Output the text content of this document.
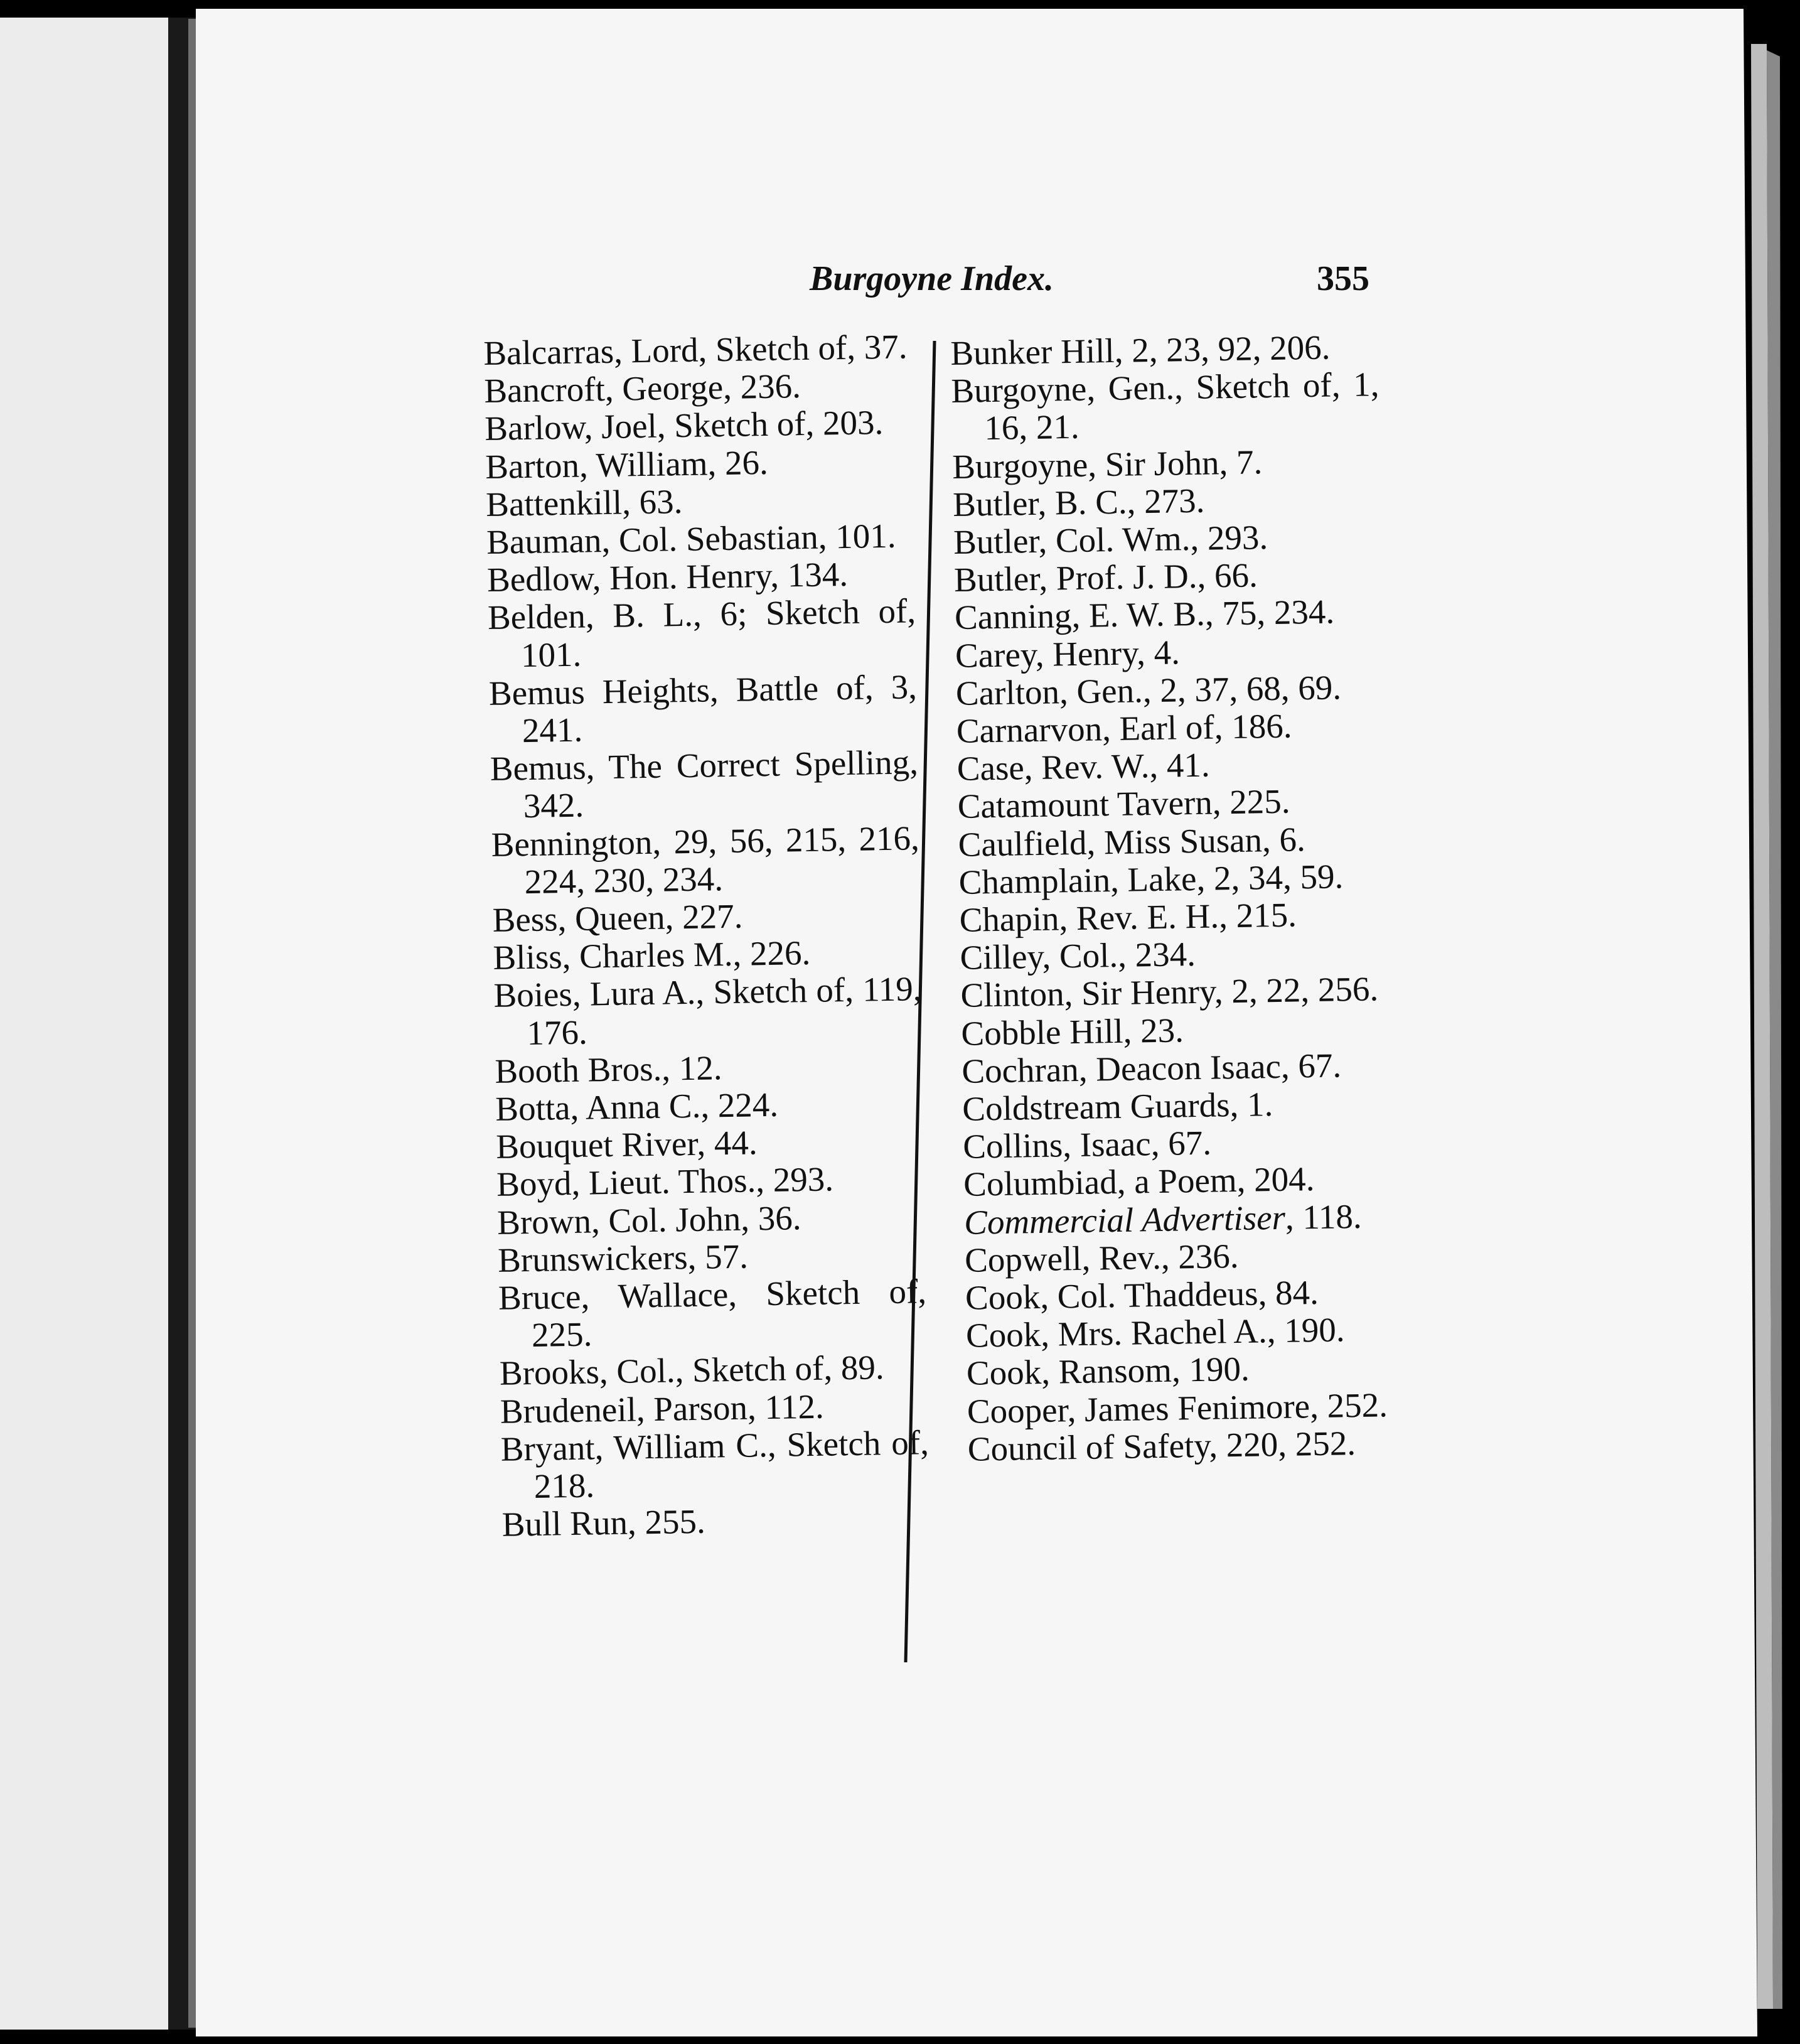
Burgoyne Index.	355

Balcarras, Lord, Sketch of, 37.

Bancroft, George, 236.

Barlow, Joel, Sketch of, 203.

Barton, William, 26.

Battenkill, 63.

Bauman, Col. Sebastian, 101.

Bedlow, Hon. Henry, 134.

Belden, B. L., 6; Sketch of, 101.

Bemus Heights, Battle of, 3, 241.

Bemus, The Correct Spelling, 342.

Bennington, 29, 56, 215, 216, 224, 230, 234.

Bess, Queen, 227.

Bliss, Charles M., 226.

Boies, Lura A., Sketch of, 119, 176.

Booth Bros., 12.

Botta, Anna C., 224.

Bouquet River, 44.

Boyd, Lieut. Thos., 293.

Brown, Col. John, 36.

Brunswickers, 57.

Bruce, Wallace, Sketch of, 225.

Brooks, Col., Sketch of, 89.

Brudeneil, Parson, 112.

Bryant, William C., Sketch of, 218.

Bull Run, 255.

Bunker Hill, 2, 23, 92, 206.

Burgoyne, Gen., Sketch of, 1, 16, 21.

Burgoyne, Sir John, 7.

Butler, B. C., 273.

Butler, Col. Wm., 293.

Butler, Prof. J. D., 66.

Canning, E. W. B., 75, 234.

Carey, Henry, 4.

Carlton, Gen., 2, 37, 68, 69.

Carnarvon, Earl of, 186.

Case, Rev. W., 41.

Catamount Tavern, 225.

Caulfield, Miss Susan, 6.

Champlain, Lake, 2, 34, 59.

Chapin, Rev. E. H., 215.

Cilley, Col., 234.

Clinton, Sir Henry, 2, 22, 256.

Cobble Hill, 23.

Cochran, Deacon Isaac, 67.

Coldstream Guards, 1.

Collins, Isaac, 67.

Columbiad, a Poem, 204.

Commercial Advertiser, 118.

Copwell, Rev., 236.

Cook, Col. Thaddeus, 84.

Cook, Mrs. Rachel A., 190.

Cook, Ransom, 190.

Cooper, James Fenimore, 252.

Council of Safety, 220, 252.
